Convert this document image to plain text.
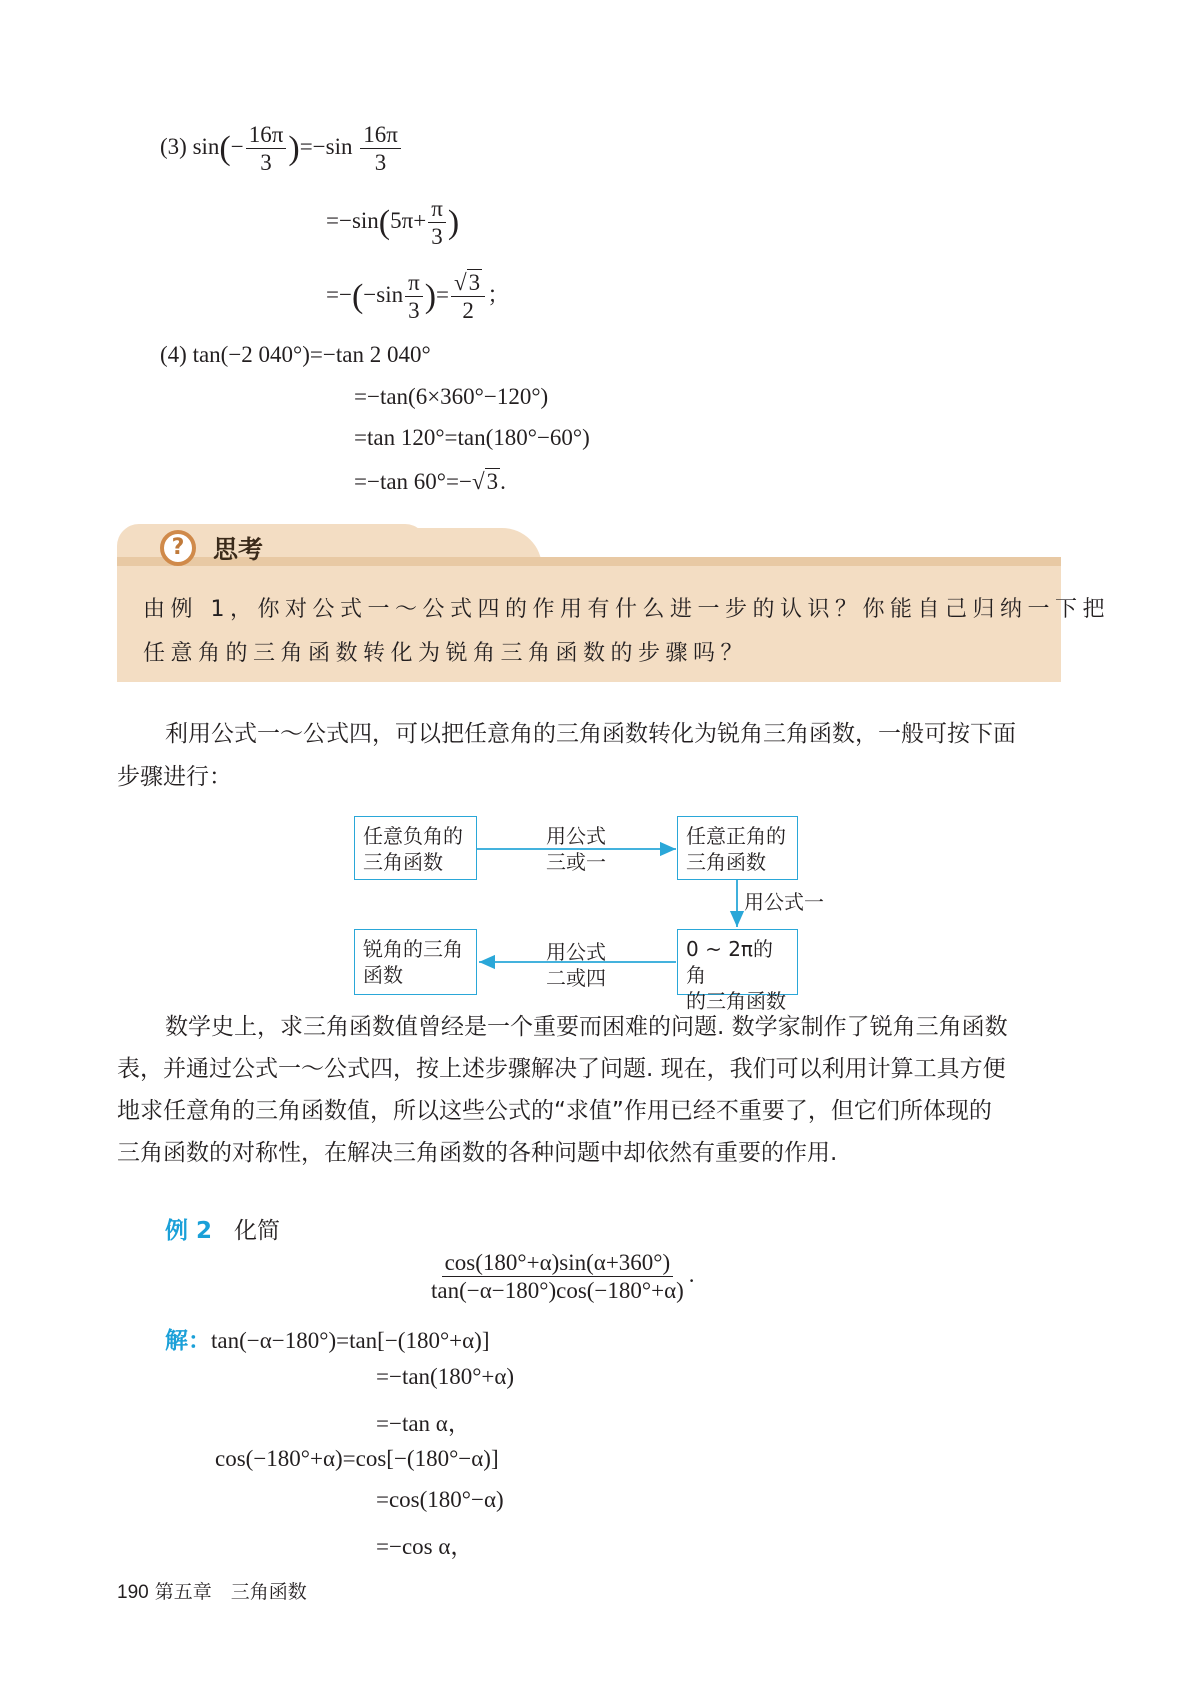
(3) $\sin(- \frac{16\pi}{3} )=-\sin \frac{16\pi}{3}$
$=-\sin(5\pi+ \frac{\pi}{3}$ )
$=-(-\sin \frac{\pi}{3}$ )= $\frac{√3}{2}$ ；
(4) tan(−2 040°)=−tan 2 040°
=−tan(6×360°−120°)
=tan 120°=tan(180°−60°)
=−tan 60°=−√3.
?	思考
由例 1，你对公式一～公式四的作用有什么进一步的认识？你能自己归纳一下把
任意角的三角函数转化为锐角三角函数的步骤吗？
利用公式一～公式四，可以把任意角的三角函数转化为锐角三角函数，一般可按下面
步骤进行：
任意负角的
三角函数
任意正角的
三角函数
0 ~ 2π的角
的三角函数
锐角的三角
函数
用公式
三或一
用公式一
用公式
二或四
数学史上，求三角函数值曾经是一个重要而困难的问题. 数学家制作了锐角三角函数
表，并通过公式一～公式四，按上述步骤解决了问题. 现在，我们可以利用计算工具方便
地求任意角的三角函数值，所以这些公式的“求值”作用已经不重要了，但它们所体现的
三角函数的对称性，在解决三角函数的各种问题中却依然有重要的作用.
例 2 化简
$\frac{\cos(180^\circ+\alpha)\sin(\alpha+360^\circ)}{\tan(-\alpha-180^\circ)\cos(-180^\circ+\alpha)}$ .
解：tan(−α−180°)=tan[−(180°+α)]
=−tan(180°+α)
=−tan α，
cos(−180°+α)=cos[−(180°−α)]
=cos(180°−α)
=−cos α，
190 第五章　三角函数
